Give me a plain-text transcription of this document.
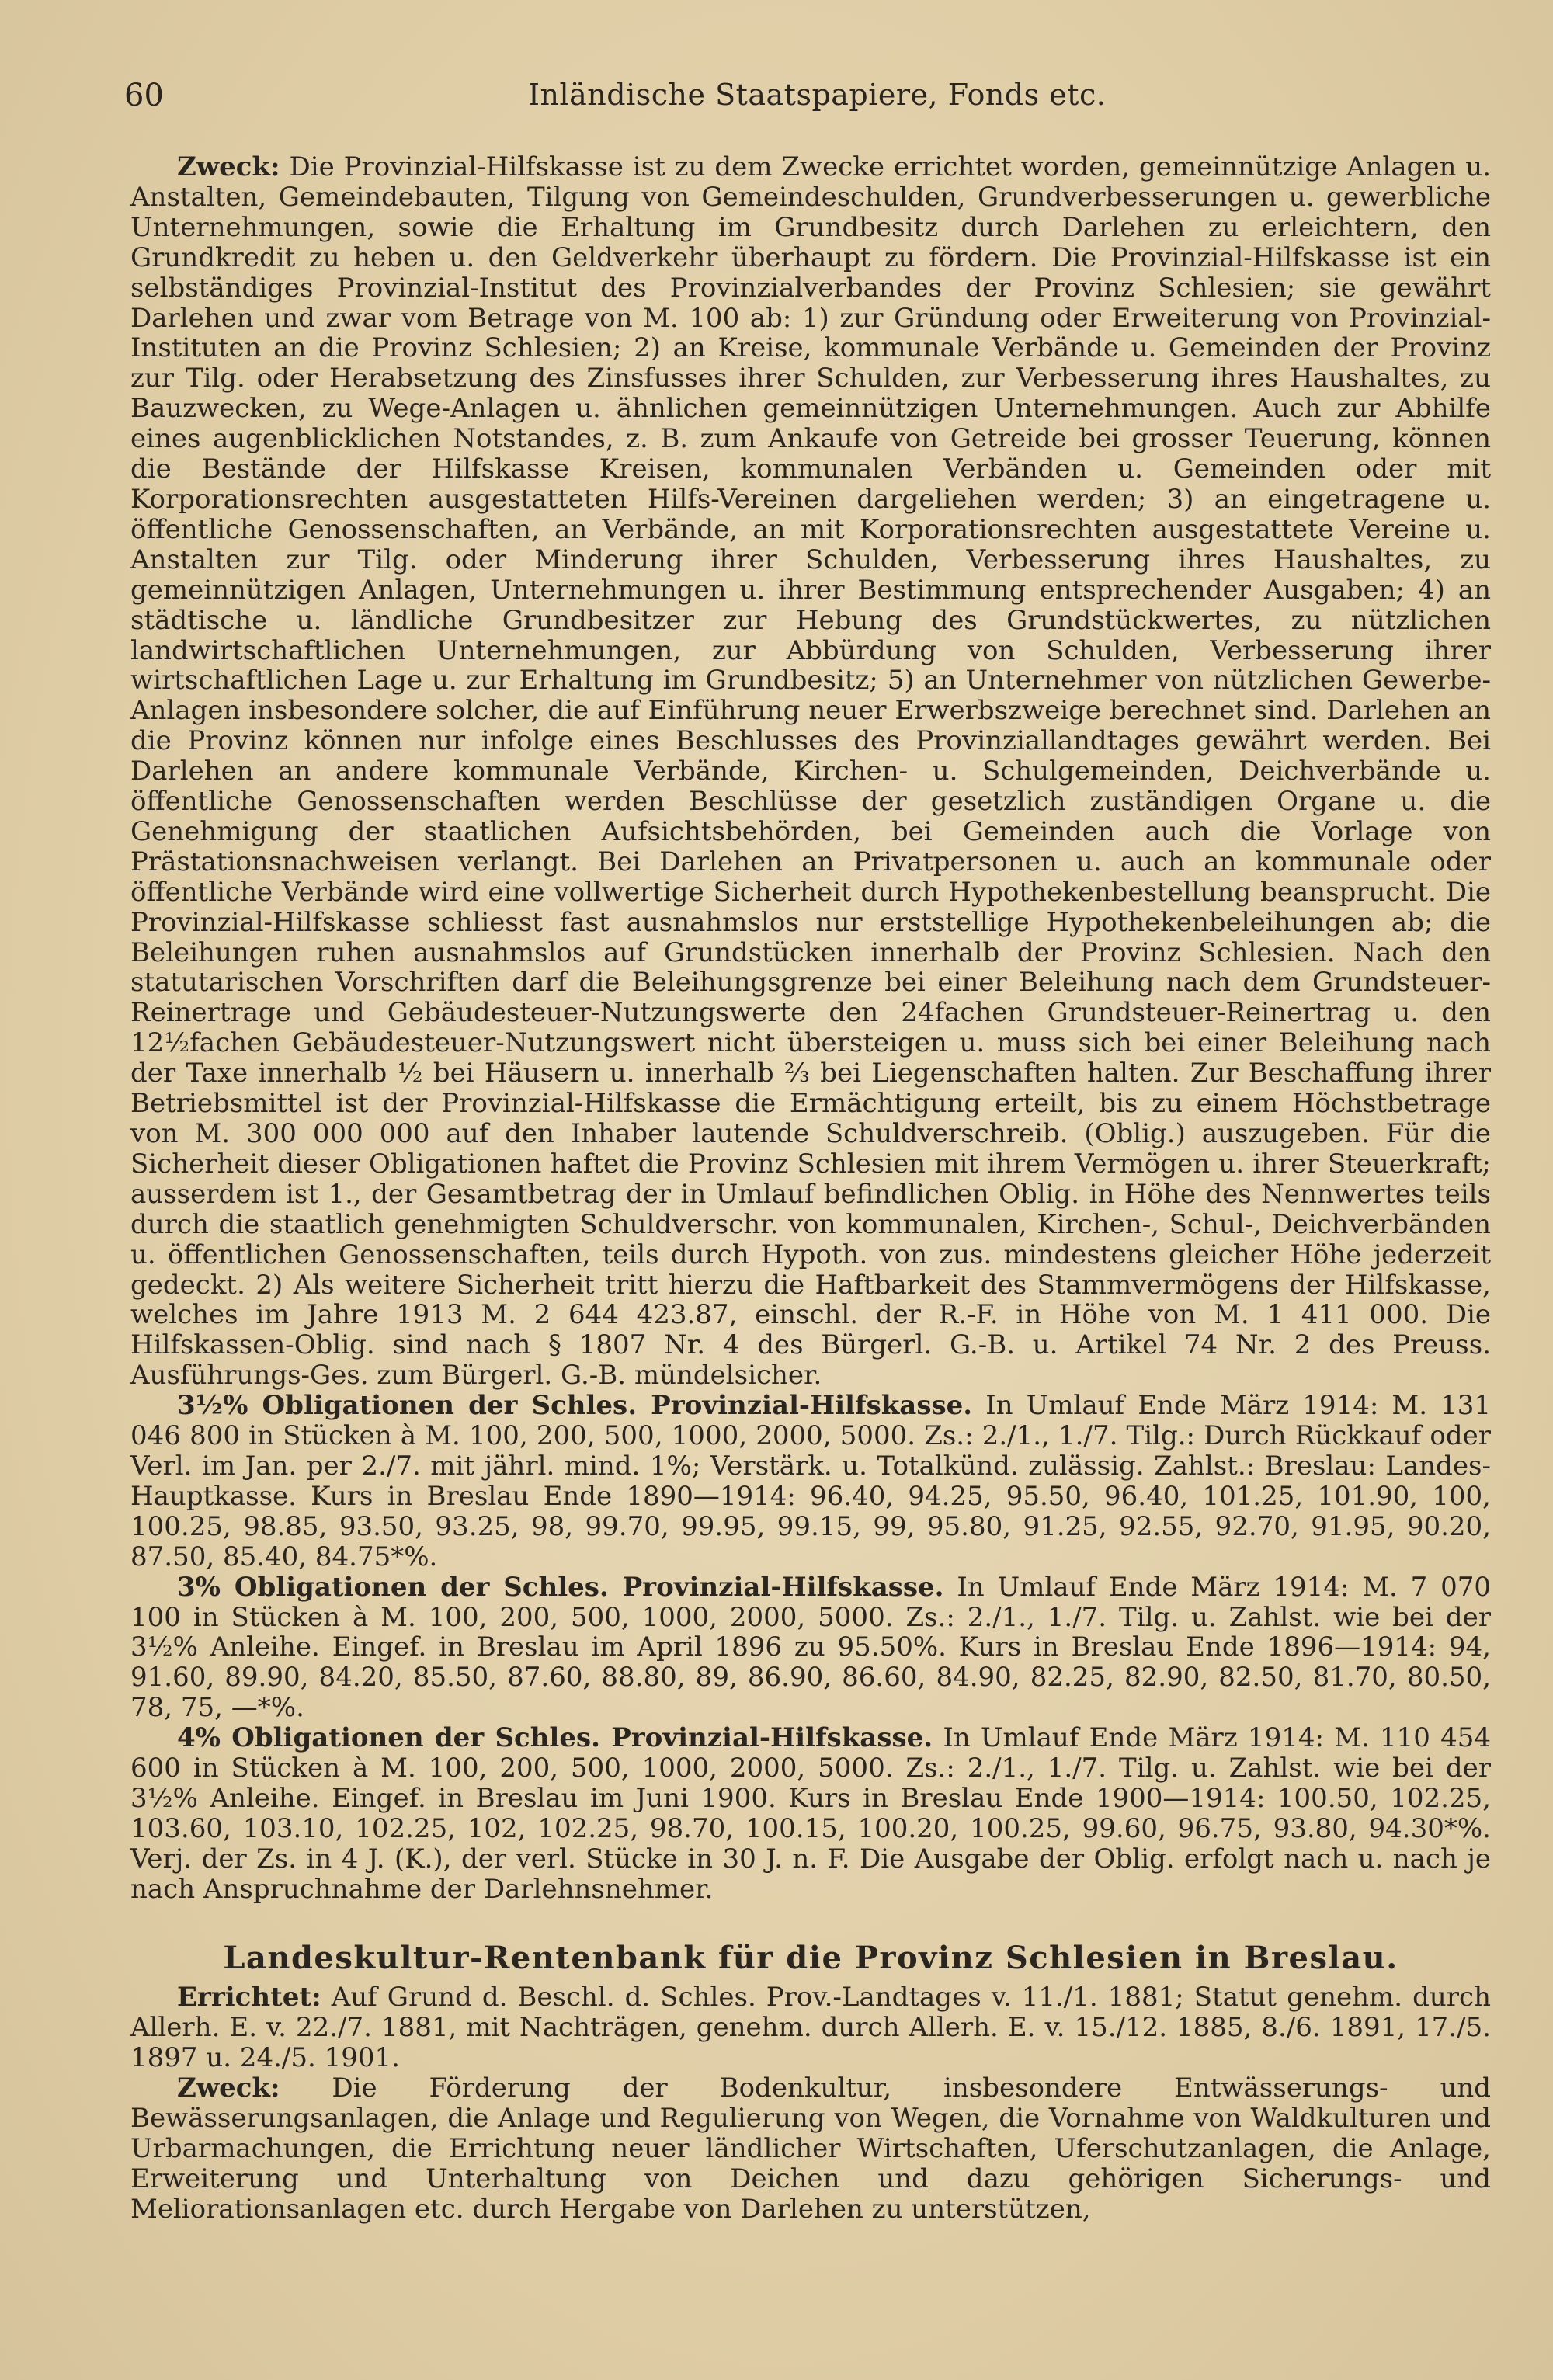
60	Inländische Staatspapiere, Fonds etc.

Zweck: Die Provinzial-Hilfskasse ist zu dem Zwecke errichtet worden, gemeinnützige Anlagen u. Anstalten, Gemeindebauten, Tilgung von Gemeindeschulden, Grundverbesserungen u. gewerbliche Unternehmungen, sowie die Erhaltung im Grundbesitz durch Darlehen zu erleichtern, den Grundkredit zu heben u. den Geldverkehr überhaupt zu fördern. Die Provinzial-Hilfskasse ist ein selbständiges Provinzial-Institut des Provinzialverbandes der Provinz Schlesien; sie gewährt Darlehen und zwar vom Betrage von M. 100 ab: 1) zur Gründung oder Erweiterung von Provinzial-Instituten an die Provinz Schlesien; 2) an Kreise, kommunale Verbände u. Gemeinden der Provinz zur Tilg. oder Herabsetzung des Zinsfusses ihrer Schulden, zur Verbesserung ihres Haushaltes, zu Bauzwecken, zu Wege-Anlagen u. ähnlichen gemeinnützigen Unternehmungen. Auch zur Abhilfe eines augenblicklichen Notstandes, z. B. zum Ankaufe von Getreide bei grosser Teuerung, können die Bestände der Hilfskasse Kreisen, kommunalen Verbänden u. Gemeinden oder mit Korporationsrechten ausgestatteten Hilfs-Vereinen dargeliehen werden; 3) an eingetragene u. öffentliche Genossenschaften, an Verbände, an mit Korporationsrechten ausgestattete Vereine u. Anstalten zur Tilg. oder Minderung ihrer Schulden, Verbesserung ihres Haushaltes, zu gemeinnützigen Anlagen, Unternehmungen u. ihrer Bestimmung entsprechender Ausgaben; 4) an städtische u. ländliche Grundbesitzer zur Hebung des Grundstückwertes, zu nützlichen landwirtschaftlichen Unternehmungen, zur Abbürdung von Schulden, Verbesserung ihrer wirtschaftlichen Lage u. zur Erhaltung im Grundbesitz; 5) an Unternehmer von nützlichen Gewerbe-Anlagen insbesondere solcher, die auf Einführung neuer Erwerbszweige berechnet sind. Darlehen an die Provinz können nur infolge eines Beschlusses des Provinziallandtages gewährt werden. Bei Darlehen an andere kommunale Verbände, Kirchen- u. Schulgemeinden, Deichverbände u. öffentliche Genossenschaften werden Beschlüsse der gesetzlich zuständigen Organe u. die Genehmigung der staatlichen Aufsichtsbehörden, bei Gemeinden auch die Vorlage von Prästationsnachweisen verlangt. Bei Darlehen an Privatpersonen u. auch an kommunale oder öffentliche Verbände wird eine vollwertige Sicherheit durch Hypothekenbestellung beansprucht. Die Provinzial-Hilfskasse schliesst fast ausnahmslos nur erststellige Hypothekenbeleihungen ab; die Beleihungen ruhen ausnahmslos auf Grundstücken innerhalb der Provinz Schlesien. Nach den statutarischen Vorschriften darf die Beleihungsgrenze bei einer Beleihung nach dem Grundsteuer-Reinertrage und Gebäudesteuer-Nutzungswerte den 24fachen Grundsteuer-Reinertrag u. den 12½fachen Gebäudesteuer-Nutzungswert nicht übersteigen u. muss sich bei einer Beleihung nach der Taxe innerhalb ½ bei Häusern u. innerhalb ⅔ bei Liegenschaften halten. Zur Beschaffung ihrer Betriebsmittel ist der Provinzial-Hilfskasse die Ermächtigung erteilt, bis zu einem Höchstbetrage von M. 300 000 000 auf den Inhaber lautende Schuldverschreib. (Oblig.) auszugeben. Für die Sicherheit dieser Obligationen haftet die Provinz Schlesien mit ihrem Vermögen u. ihrer Steuerkraft; ausserdem ist 1., der Gesamtbetrag der in Umlauf befindlichen Oblig. in Höhe des Nennwertes teils durch die staatlich genehmigten Schuldverschr. von kommunalen, Kirchen-, Schul-, Deichverbänden u. öffentlichen Genossenschaften, teils durch Hypoth. von zus. mindestens gleicher Höhe jederzeit gedeckt. 2) Als weitere Sicherheit tritt hierzu die Haftbarkeit des Stammvermögens der Hilfskasse, welches im Jahre 1913 M. 2 644 423.87, einschl. der R.-F. in Höhe von M. 1 411 000. Die Hilfskassen-Oblig. sind nach § 1807 Nr. 4 des Bürgerl. G.-B. u. Artikel 74 Nr. 2 des Preuss. Ausführungs-Ges. zum Bürgerl. G.-B. mündelsicher.

3½% Obligationen der Schles. Provinzial-Hilfskasse. In Umlauf Ende März 1914: M. 131 046 800 in Stücken à M. 100, 200, 500, 1000, 2000, 5000. Zs.: 2./1., 1./7. Tilg.: Durch Rückkauf oder Verl. im Jan. per 2./7. mit jährl. mind. 1%; Verstärk. u. Totalkünd. zulässig. Zahlst.: Breslau: Landes-Hauptkasse. Kurs in Breslau Ende 1890—1914: 96.40, 94.25, 95.50, 96.40, 101.25, 101.90, 100, 100.25, 98.85, 93.50, 93.25, 98, 99.70, 99.95, 99.15, 99, 95.80, 91.25, 92.55, 92.70, 91.95, 90.20, 87.50, 85.40, 84.75*%.

3% Obligationen der Schles. Provinzial-Hilfskasse. In Umlauf Ende März 1914: M. 7 070 100 in Stücken à M. 100, 200, 500, 1000, 2000, 5000. Zs.: 2./1., 1./7. Tilg. u. Zahlst. wie bei der 3½% Anleihe. Eingef. in Breslau im April 1896 zu 95.50%. Kurs in Breslau Ende 1896—1914: 94, 91.60, 89.90, 84.20, 85.50, 87.60, 88.80, 89, 86.90, 86.60, 84.90, 82.25, 82.90, 82.50, 81.70, 80.50, 78, 75, —*%.

4% Obligationen der Schles. Provinzial-Hilfskasse. In Umlauf Ende März 1914: M. 110 454 600 in Stücken à M. 100, 200, 500, 1000, 2000, 5000. Zs.: 2./1., 1./7. Tilg. u. Zahlst. wie bei der 3½% Anleihe. Eingef. in Breslau im Juni 1900. Kurs in Breslau Ende 1900—1914: 100.50, 102.25, 103.60, 103.10, 102.25, 102, 102.25, 98.70, 100.15, 100.20, 100.25, 99.60, 96.75, 93.80, 94.30*%. Verj. der Zs. in 4 J. (K.), der verl. Stücke in 30 J. n. F. Die Ausgabe der Oblig. erfolgt nach u. nach je nach Anspruchnahme der Darlehnsnehmer.

Landeskultur-Rentenbank für die Provinz Schlesien in Breslau.

Errichtet: Auf Grund d. Beschl. d. Schles. Prov.-Landtages v. 11./1. 1881; Statut genehm. durch Allerh. E. v. 22./7. 1881, mit Nachträgen, genehm. durch Allerh. E. v. 15./12. 1885, 8./6. 1891, 17./5. 1897 u. 24./5. 1901.

Zweck: Die Förderung der Bodenkultur, insbesondere Entwässerungs- und Bewässerungsanlagen, die Anlage und Regulierung von Wegen, die Vornahme von Waldkulturen und Urbarmachungen, die Errichtung neuer ländlicher Wirtschaften, Uferschutzanlagen, die Anlage, Erweiterung und Unterhaltung von Deichen und dazu gehörigen Sicherungs- und Meliorationsanlagen etc. durch Hergabe von Darlehen zu unterstützen,
